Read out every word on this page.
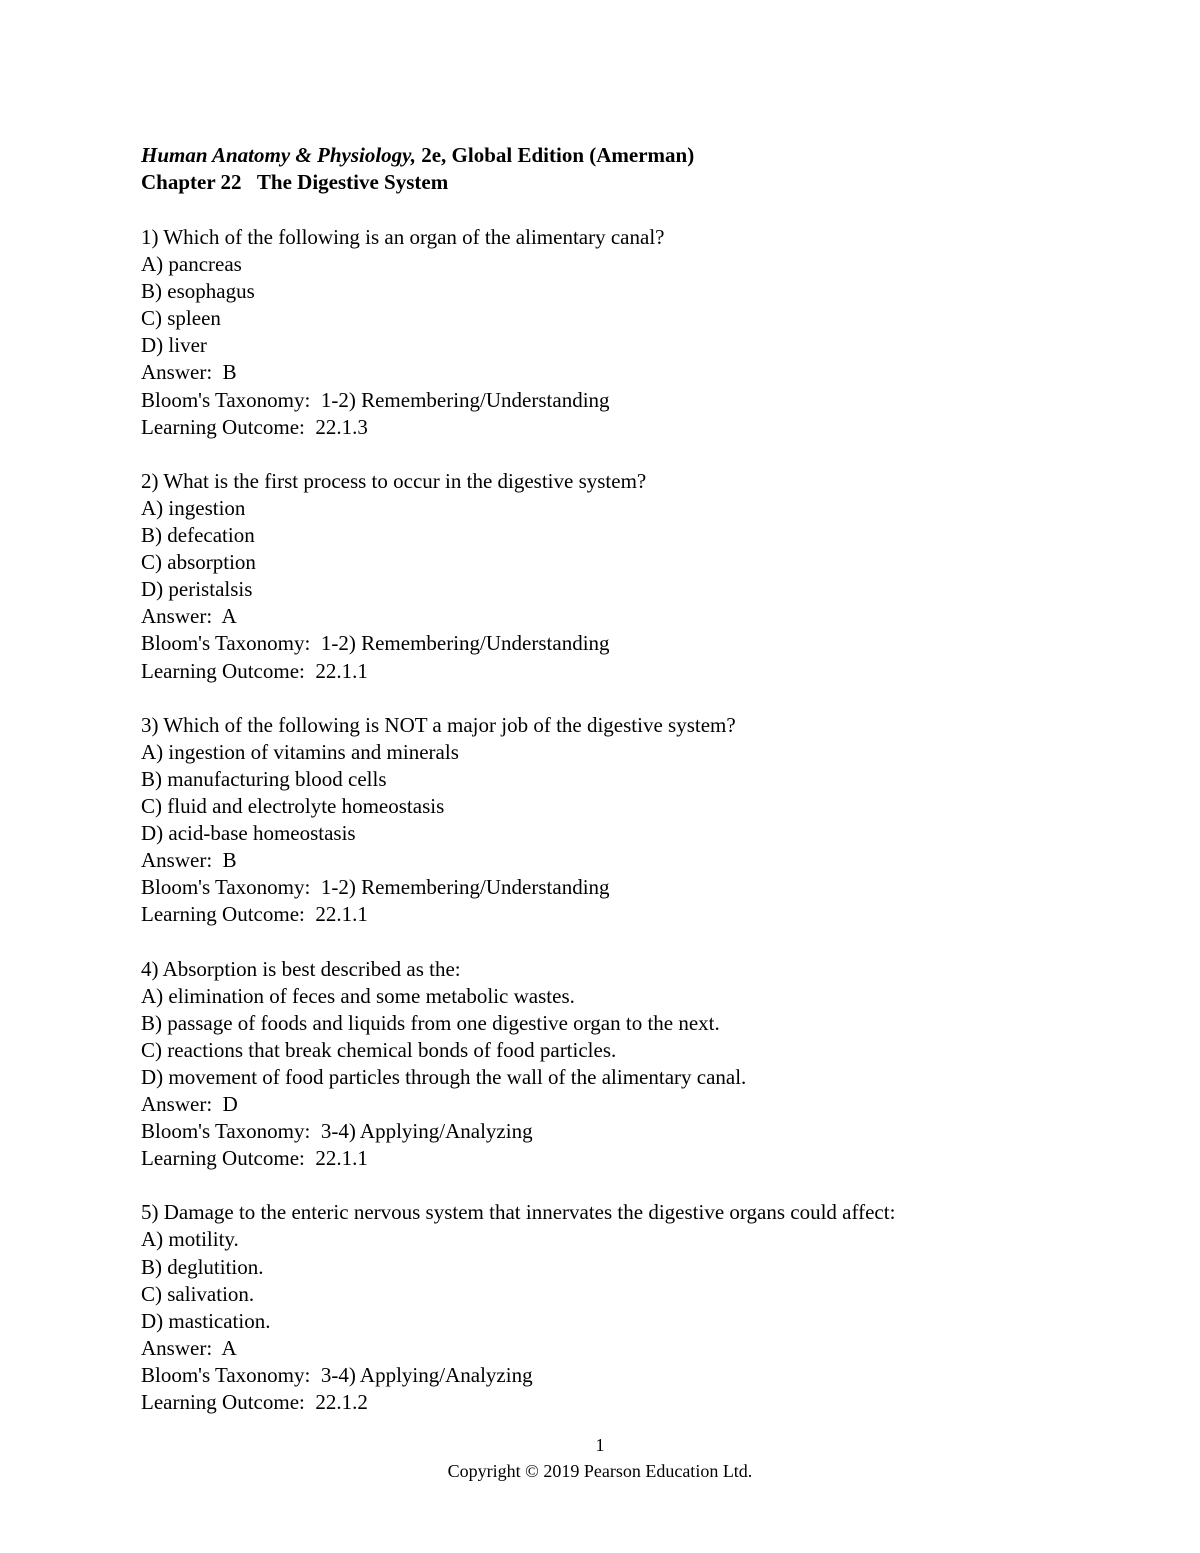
Human Anatomy & Physiology, 2e, Global Edition (Amerman)
Chapter 22   The Digestive System
1) Which of the following is an organ of the alimentary canal?
A) pancreas
B) esophagus
C) spleen
D) liver
Answer:  B
Bloom's Taxonomy:  1-2) Remembering/Understanding
Learning Outcome:  22.1.3
2) What is the first process to occur in the digestive system?
A) ingestion
B) defecation
C) absorption
D) peristalsis
Answer:  A
Bloom's Taxonomy:  1-2) Remembering/Understanding
Learning Outcome:  22.1.1
3) Which of the following is NOT a major job of the digestive system?
A) ingestion of vitamins and minerals
B) manufacturing blood cells
C) fluid and electrolyte homeostasis
D) acid-base homeostasis
Answer:  B
Bloom's Taxonomy:  1-2) Remembering/Understanding
Learning Outcome:  22.1.1
4) Absorption is best described as the:
A) elimination of feces and some metabolic wastes.
B) passage of foods and liquids from one digestive organ to the next.
C) reactions that break chemical bonds of food particles.
D) movement of food particles through the wall of the alimentary canal.
Answer:  D
Bloom's Taxonomy:  3-4) Applying/Analyzing
Learning Outcome:  22.1.1
5) Damage to the enteric nervous system that innervates the digestive organs could affect:
A) motility.
B) deglutition.
C) salivation.
D) mastication.
Answer:  A
Bloom's Taxonomy:  3-4) Applying/Analyzing
Learning Outcome:  22.1.2
1
Copyright © 2019 Pearson Education Ltd.
